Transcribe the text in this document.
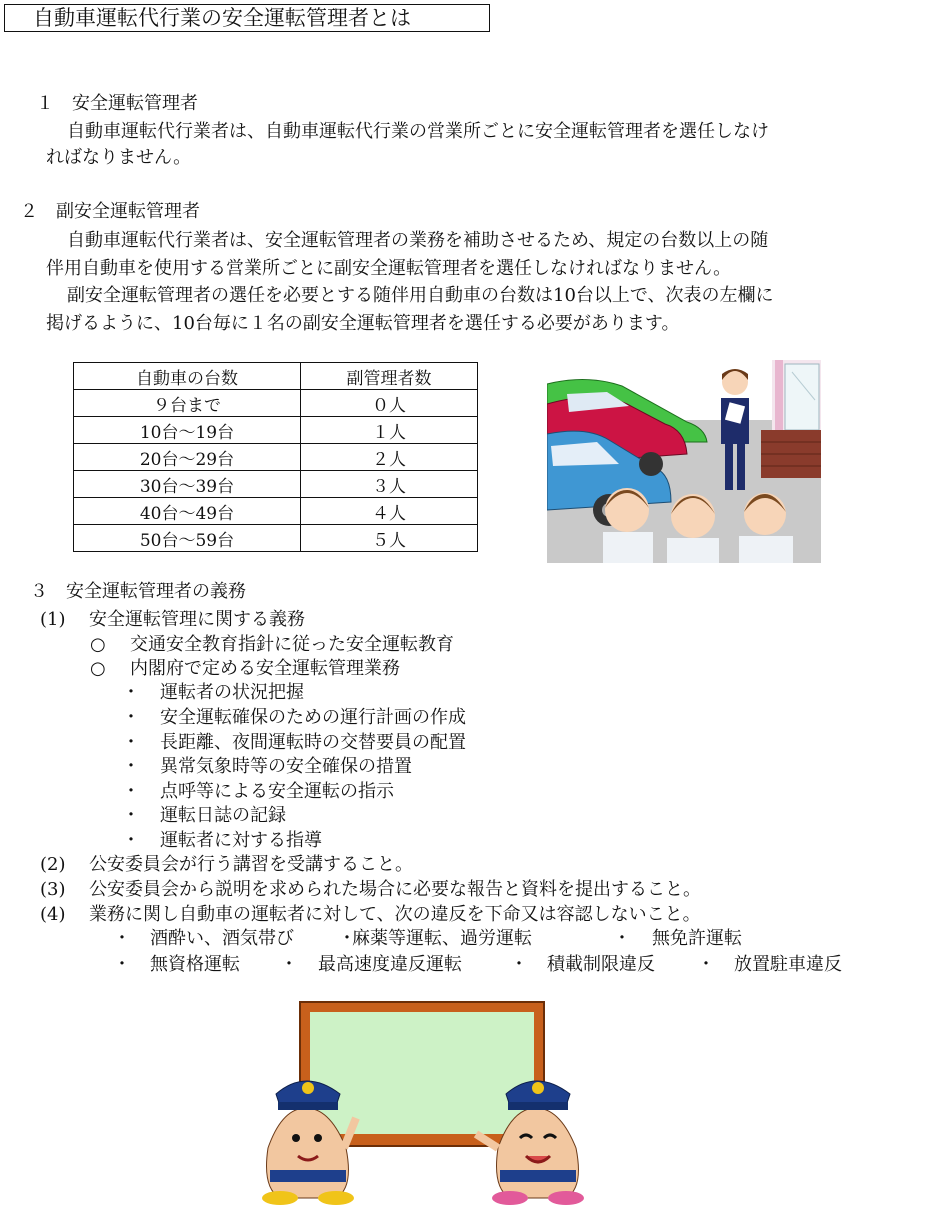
自動車運転代行業の安全運転管理者とは
１　安全運転管理者
自動車運転代行業者は、自動車運転代行業の営業所ごとに安全運転管理者を選任しなけ
ればなりません。
２　副安全運転管理者
自動車運転代行業者は、安全運転管理者の業務を補助させるため、規定の台数以上の随
伴用自動車を使用する営業所ごとに副安全運転管理者を選任しなければなりません。
副安全運転管理者の選任を必要とする随伴用自動車の台数は10台以上で、次表の左欄に
掲げるように、10台毎に１名の副安全運転管理者を選任する必要があります。
自動車の台数	副管理者数
９台まで	０人
10台～19台	１人
20台～29台	２人
30台～39台	３人
40台～49台	４人
50台～59台	５人
３　安全運転管理者の義務
(1) 安全運転管理に関する義務
○ 交通安全教育指針に従った安全運転教育
○ 内閣府で定める安全運転管理業務
・ 運転者の状況把握
・ 安全運転確保のための運行計画の作成
・ 長距離、夜間運転時の交替要員の配置
・ 異常気象時等の安全確保の措置
・ 点呼等による安全運転の指示
・ 運転日誌の記録
・ 運転者に対する指導
(2) 公安委員会が行う講習を受講すること。
(3) 公安委員会から説明を求められた場合に必要な報告と資料を提出すること。
(4) 業務に関し自動車の運転者に対して、次の違反を下命又は容認しないこと。
・ 酒酔い、酒気帯び ・
麻薬等運転、過労運転	・ 無免許運転
・ 無資格運転 ・ 最高速度違反運転	・ 積載制限違反 ・ 放置駐車違反
